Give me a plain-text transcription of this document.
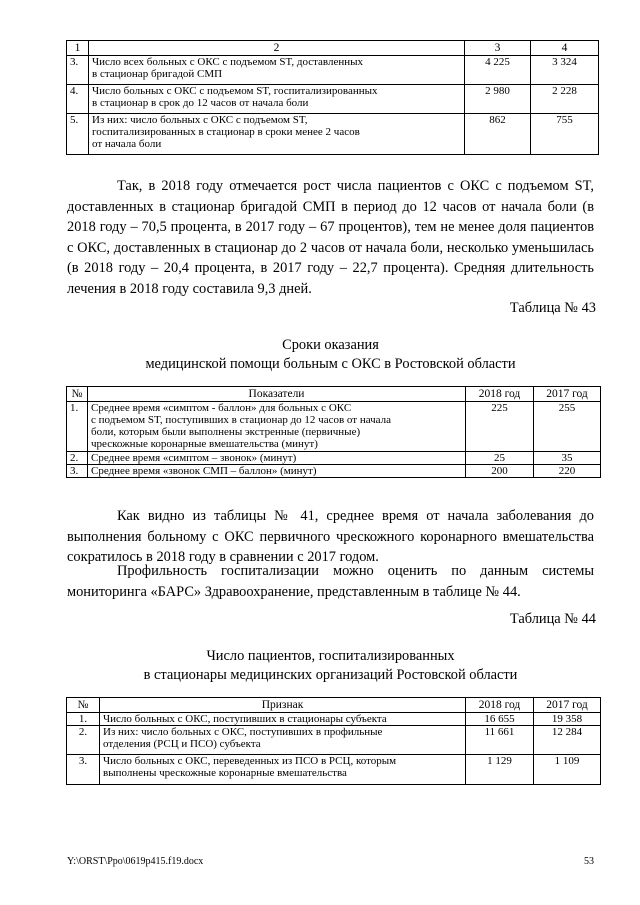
1	2	3	4
3.	Число всех больных с ОКС с подъемом ST, доставленных
в стационар бригадой СМП	4 225	3 324
4.	Число больных с ОКС с подъемом ST, госпитализированных
в стационар в срок до 12 часов от начала боли	2 980	2 228
5.	Из них: число больных с ОКС с подъемом ST,
госпитализированных в стационар в сроки менее 2 часов
от начала боли	862	755

Так, в 2018 году отмечается рост числа пациентов с ОКС с подъемом ST, доставленных в стационар бригадой СМП в период до 12 часов от начала боли (в 2018 году – 70,5 процента, в 2017 году – 67 процентов), тем не менее доля пациентов с ОКС, доставленных в стационар до 2 часов от начала боли, несколько уменьшилась (в 2018 году – 20,4 процента, в 2017 году – 22,7 процента). Средняя длительность лечения в 2018 году составила 9,3 дней.

Таблица № 43
Сроки оказания
медицинской помощи больным с ОКС в Ростовской области
№	Показатели	2018 год	2017 год
1.	Среднее время «симптом - баллон» для больных с ОКС
с подъемом ST, поступивших в стационар до 12 часов от начала
боли, которым были выполнены экстренные (первичные)
чрескожные коронарные вмешательства (минут)	225	255
2.	Среднее время «симптом – звонок» (минут)	25	35
3.	Среднее время «звонок СМП – баллон» (минут)	200	220

Как видно из таблицы № 41, среднее время от начала заболевания до выполнения больному с ОКС первичного чрескожного коронарного вмешательства сократилось в 2018 году в сравнении с 2017 годом.

Профильность госпитализации можно оценить по данным системы мониторинга «БАРС» Здравоохранение, представленным в таблице № 44.

Таблица № 44
Число пациентов, госпитализированных
в стационары медицинских организаций Ростовской области
№	Признак	2018 год	2017 год
1.	Число больных с ОКС, поступивших в стационары субъекта	16 655	19 358
2.	Из них: число больных с ОКС, поступивших в профильные
отделения (РСЦ и ПСО) субъекта	11 661	12 284
3.	Число больных с ОКС, переведенных из ПСО в РСЦ, которым
выполнены чрескожные коронарные вмешательства	1 129	1 109
Y:\ORST\Ppo\0619p415.f19.docx	53
